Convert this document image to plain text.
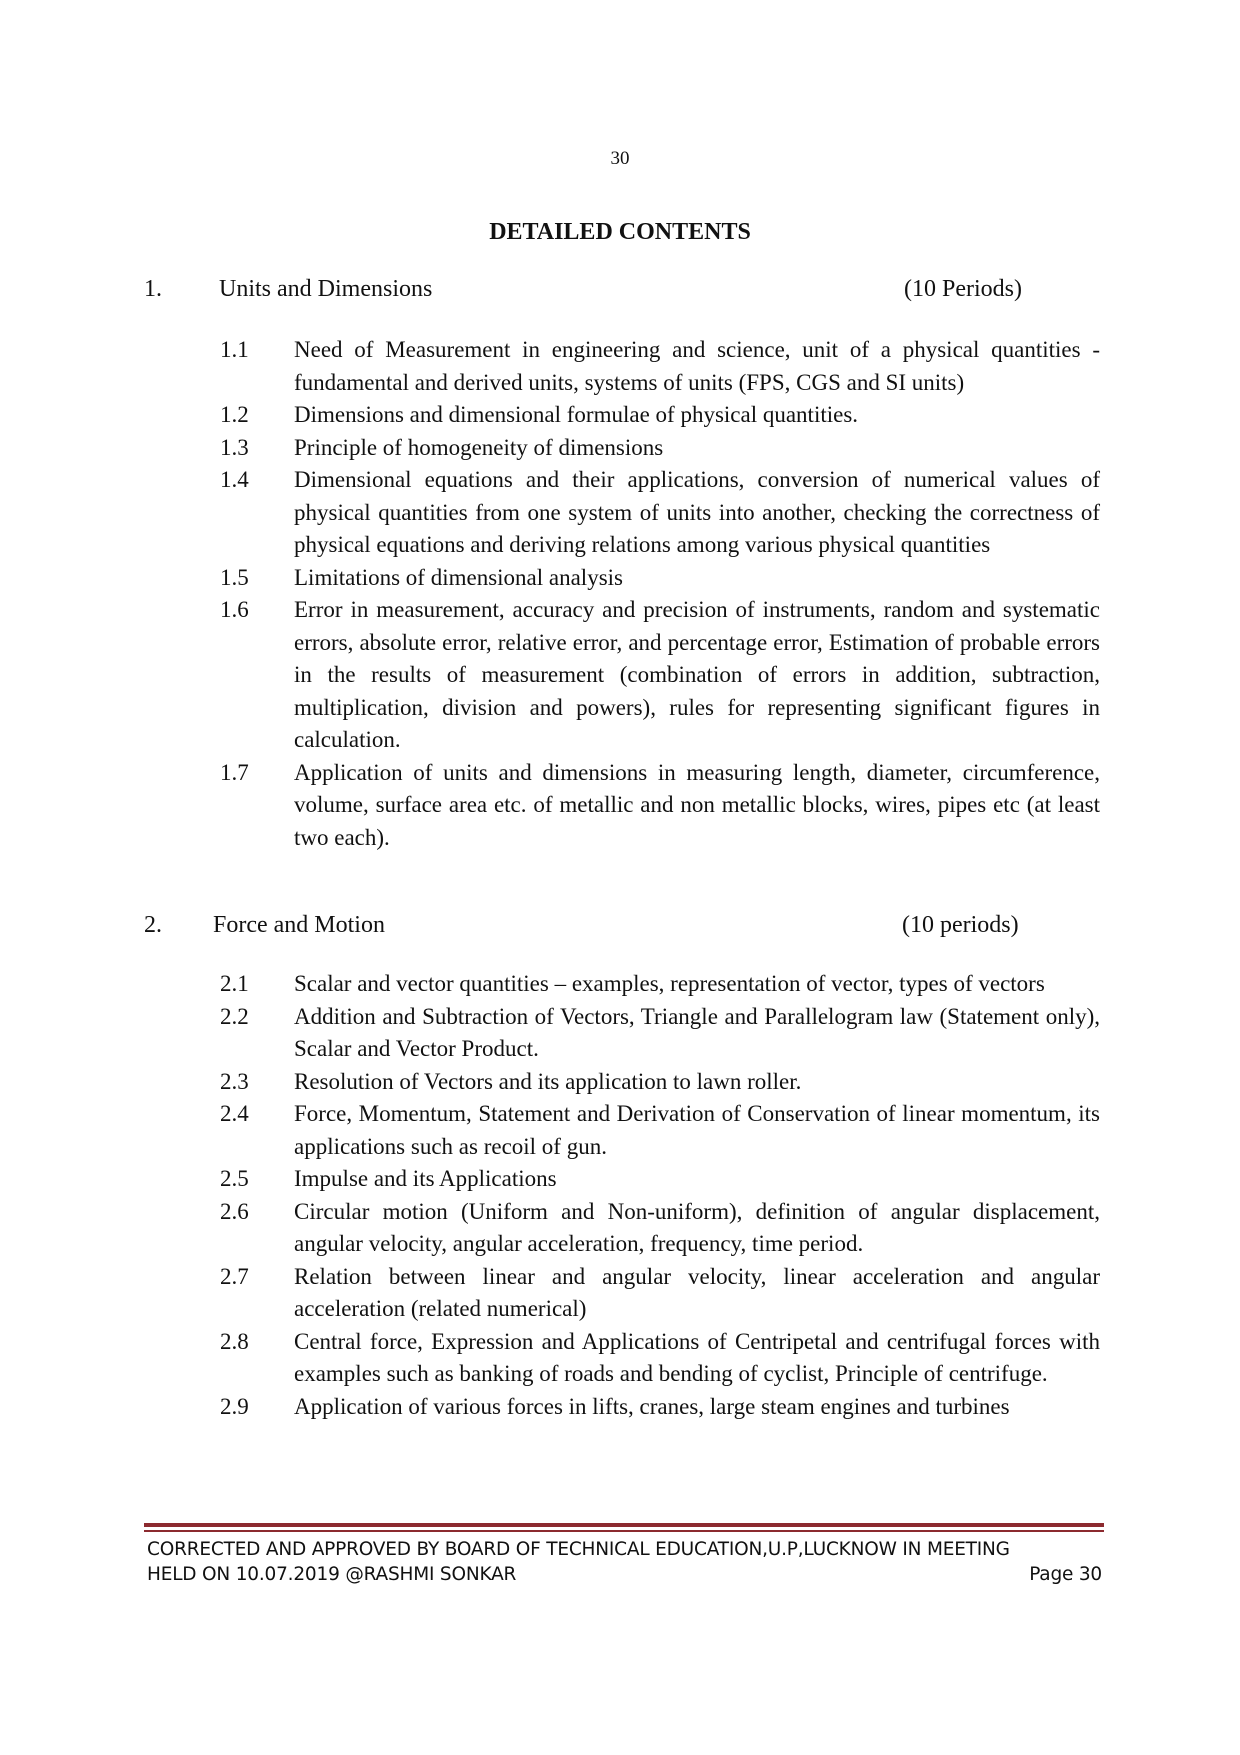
30
DETAILED CONTENTS
1. Units and Dimensions	(10 Periods)
1.1	Need of Measurement in engineering and science, unit of a physical quantities - fundamental and derived units, systems of units (FPS, CGS and SI units)
1.2	Dimensions and dimensional formulae of physical quantities.
1.3	Principle of homogeneity of dimensions
1.4	Dimensional equations and their applications, conversion of numerical values of physical quantities from one system of units into another, checking the correctness of physical equations and deriving relations among various physical quantities
1.5	Limitations of dimensional analysis
1.6	Error in measurement, accuracy and precision of instruments, random and systematic errors, absolute error, relative error, and percentage error, Estimation of probable errors in the results of measurement (combination of errors in addition, subtraction, multiplication, division and powers), rules for representing significant figures in calculation.
1.7	Application of units and dimensions in measuring length, diameter, circumference, volume, surface area etc. of metallic and non metallic blocks, wires, pipes etc (at least two each).
2. Force and Motion	(10 periods)
2.1	Scalar and vector quantities – examples, representation of vector, types of vectors
2.2	Addition and Subtraction of Vectors, Triangle and Parallelogram law (Statement only), Scalar and Vector Product.
2.3	Resolution of Vectors and its application to lawn roller.
2.4	Force, Momentum, Statement and Derivation of Conservation of linear momentum, its applications such as recoil of gun.
2.5	Impulse and its Applications
2.6	Circular motion (Uniform and Non-uniform), definition of angular displacement, angular velocity, angular acceleration, frequency, time period.
2.7	Relation between linear and angular velocity, linear acceleration and angular acceleration (related numerical)
2.8	Central force, Expression and Applications of Centripetal and centrifugal forces with examples such as banking of roads and bending of cyclist, Principle of centrifuge.
2.9	Application of various forces in lifts, cranes, large steam engines and turbines
CORRECTED AND APPROVED BY BOARD OF TECHNICAL EDUCATION,U.P,LUCKNOW IN MEETING
HELD ON 10.07.2019 @RASHMI SONKAR	Page 30
